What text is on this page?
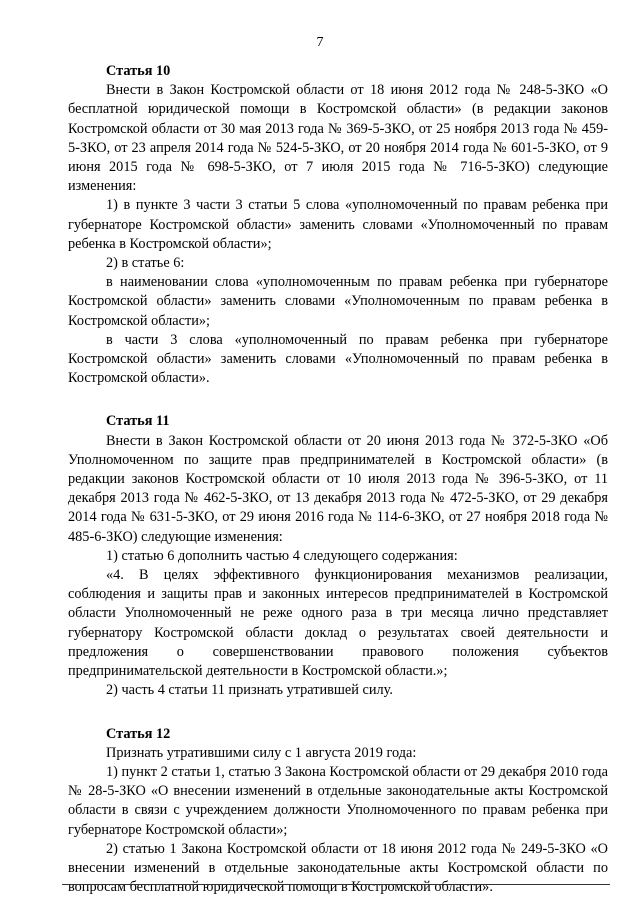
7

Статья 10

Внести в Закон Костромской области от 18 июня 2012 года № 248-5-ЗКО «О бесплатной юридической помощи в Костромской области» (в редакции законов Костромской области от 30 мая 2013 года № 369-5-ЗКО, от 25 ноября 2013 года № 459-5-ЗКО, от 23 апреля 2014 года № 524-5-ЗКО, от 20 ноября 2014 года № 601-5-ЗКО, от 9 июня 2015 года № 698-5-ЗКО, от 7 июля 2015 года № 716-5-ЗКО) следующие изменения:

1) в пункте 3 части 3 статьи 5 слова «уполномоченный по правам ребенка при губернаторе Костромской области» заменить словами «Уполномоченный по правам ребенка в Костромской области»;

2) в статье 6:

в наименовании слова «уполномоченным по правам ребенка при губернаторе Костромской области» заменить словами «Уполномоченным по правам ребенка в Костромской области»;

в части 3 слова «уполномоченный по правам ребенка при губернаторе Костромской области» заменить словами «Уполномоченный по правам ребенка в Костромской области».

Статья 11

Внести в Закон Костромской области от 20 июня 2013 года № 372-5-ЗКО «Об Уполномоченном по защите прав предпринимателей в Костромской области» (в редакции законов Костромской области от 10 июля 2013 года № 396-5-ЗКО, от 11 декабря 2013 года № 462-5-ЗКО, от 13 декабря 2013 года № 472-5-ЗКО, от 29 декабря 2014 года № 631-5-ЗКО, от 29 июня 2016 года № 114-6-ЗКО, от 27 ноября 2018 года № 485-6-ЗКО) следующие изменения:

1) статью 6 дополнить частью 4 следующего содержания:

«4. В целях эффективного функционирования механизмов реализации, соблюдения и защиты прав и законных интересов предпринимателей в Костромской области Уполномоченный не реже одного раза в три месяца лично представляет губернатору Костромской области доклад о результатах своей деятельности и предложения о совершенствовании правового положения субъектов предпринимательской деятельности в Костромской области.»;

2) часть 4 статьи 11 признать утратившей силу.

Статья 12

Признать утратившими силу с 1 августа 2019 года:

1) пункт 2 статьи 1, статью 3 Закона Костромской области от 29 декабря 2010 года № 28-5-ЗКО «О внесении изменений в отдельные законодательные акты Костромской области в связи с учреждением должности Уполномоченного по правам ребенка при губернаторе Костромской области»;

2) статью 1 Закона Костромской области от 18 июня 2012 года № 249-5-ЗКО «О внесении изменений в отдельные законодательные акты Костромской области по вопросам бесплатной юридической помощи в Костромской области».
